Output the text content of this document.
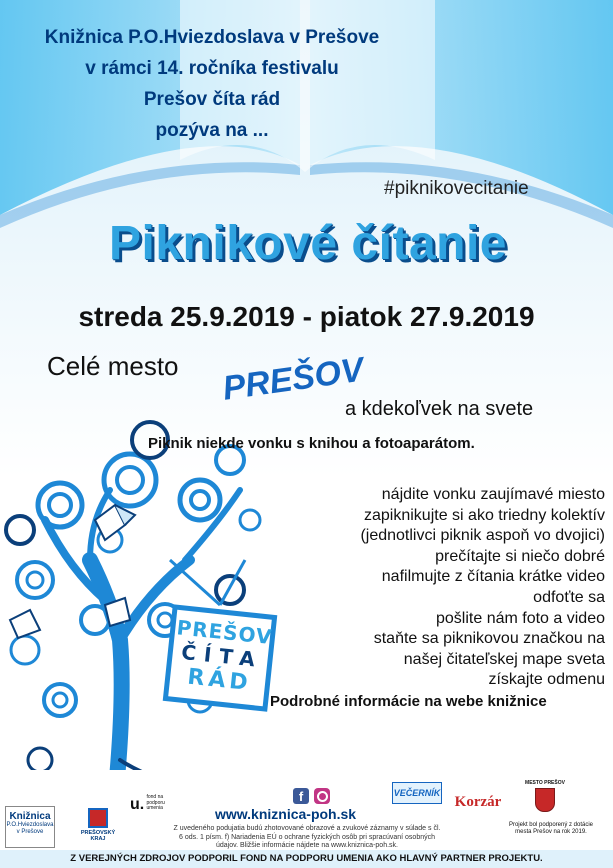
PREŠOV
ČÍTA
RÁD
Knižnica P.O.Hviezdoslava v Prešove
v rámci 14. ročníka festivalu
Prešov číta rád
pozýva na ...
#piknikovecitanie
Piknikové čítanie
streda 25.9.2019 - piatok 27.9.2019
Celé mesto PREŠOV
a kdekoľvek na svete
Piknik niekde vonku s knihou a fotoaparátom.
nájdite vonku zaujímavé miesto
zapiknikujte si ako triedny kolektív
(jednotlivci piknik aspoň vo dvojici)
prečítajte si niečo dobré
nafilmujte z čítania krátke video
odfoťte sa
pošlite nám foto a video
staňte sa piknikovou značkou na
našej čitateľskej mape sveta
získajte odmenu
Podrobné informácie na webe knižnice
Knižnica
P.O.Hviezdoslava v Prešove	PREŠOVSKÝ KRAJ
u. fond na podporu umenia
f
www.kniznica-poh.sk
Z uvedeného podujatia budú zhotovované obrazové a zvukové záznamy v súlade s čl. 6 ods. 1 písm. f) Nariadenia EÚ o ochrane fyzických osôb pri spracúvaní osobných údajov. Bližšie informácie nájdete na www.kniznica-poh.sk.
VEČERNÍK
Korzár
MESTO PREŠOV
Projekt bol podporený z dotácie mesta Prešov na rok 2019.
Z VEREJNÝCH ZDROJOV PODPORIL FOND NA PODPORU UMENIA AKO HLAVNÝ PARTNER PROJEKTU.
